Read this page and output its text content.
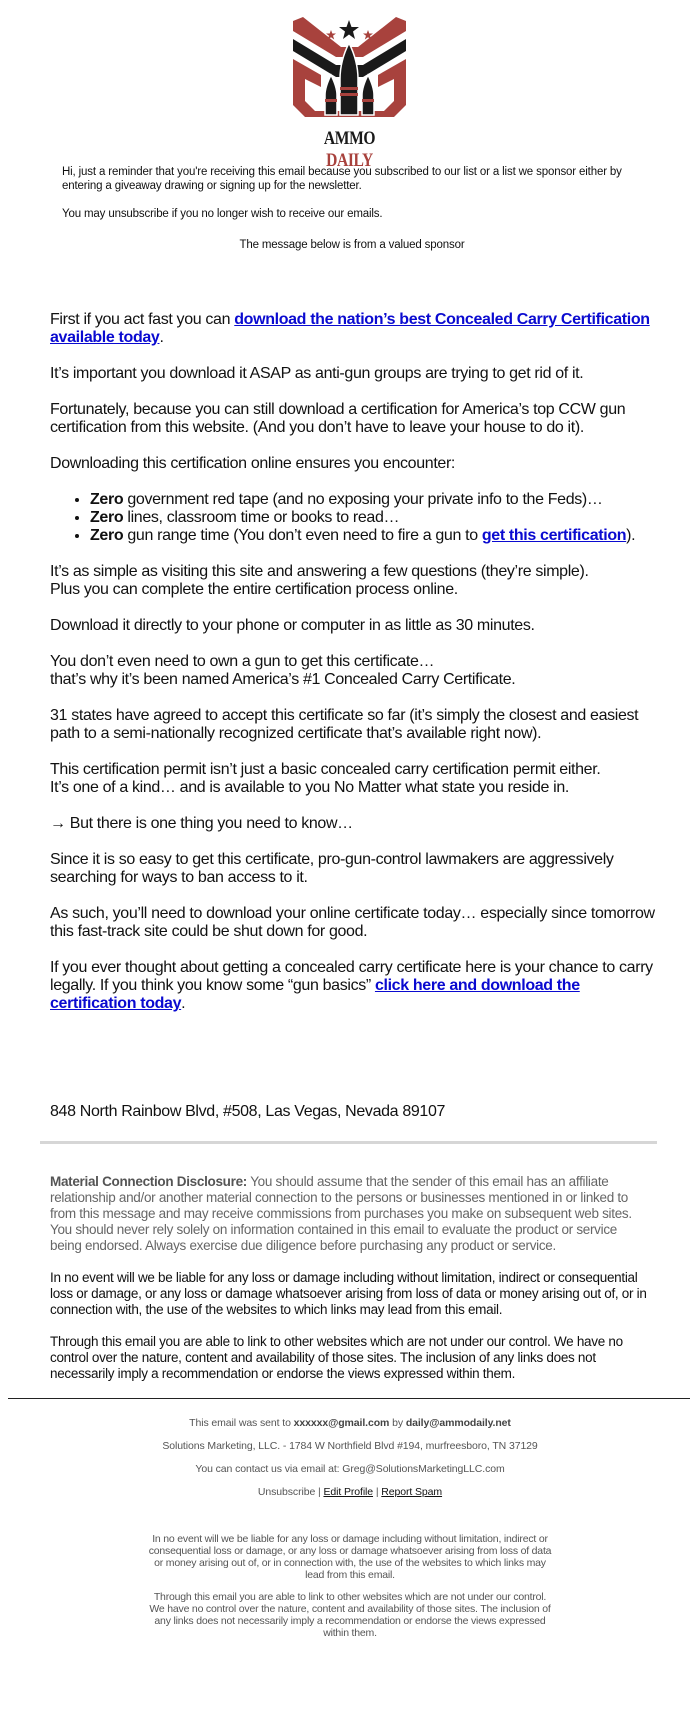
AMMO DAILY

Hi, just a reminder that you're receiving this email because you subscribed to our list or a list we sponsor either by entering a giveaway drawing or signing up for the newsletter.

You may unsubscribe if you no longer wish to receive our emails.

The message below is from a valued sponsor

First if you act fast you can download the nation’s best Concealed Carry Certification available today.

It’s important you download it ASAP as anti-gun groups are trying to get rid of it.

Fortunately, because you can still download a certification for America’s top CCW gun certification from this website. (And you don’t have to leave your house to do it).

Downloading this certification online ensures you encounter:

• Zero government red tape (and no exposing your private info to the Feds)…
• Zero lines, classroom time or books to read…
• Zero gun range time (You don’t even need to fire a gun to get this certification).

It’s as simple as visiting this site and answering a few questions (they’re simple).
Plus you can complete the entire certification process online.

Download it directly to your phone or computer in as little as 30 minutes.

You don’t even need to own a gun to get this certificate…
that’s why it’s been named America’s #1 Concealed Carry Certificate.

31 states have agreed to accept this certificate so far (it’s simply the closest and easiest path to a semi-nationally recognized certificate that’s available right now).

This certification permit isn’t just a basic concealed carry certification permit either.
It’s one of a kind… and is available to you No Matter what state you reside in.

→ But there is one thing you need to know…

Since it is so easy to get this certificate, pro-gun-control lawmakers are aggressively searching for ways to ban access to it.

As such, you’ll need to download your online certificate today… especially since tomorrow this fast-track site could be shut down for good.

If you ever thought about getting a concealed carry certificate here is your chance to carry legally. If you think you know some “gun basics” click here and download the certification today.

848 North Rainbow Blvd, #508, Las Vegas, Nevada 89107

Material Connection Disclosure: You should assume that the sender of this email has an affiliate relationship and/or another material connection to the persons or businesses mentioned in or linked to from this message and may receive commissions from purchases you make on subsequent web sites. You should never rely solely on information contained in this email to evaluate the product or service being endorsed. Always exercise due diligence before purchasing any product or service.

In no event will we be liable for any loss or damage including without limitation, indirect or consequential loss or damage, or any loss or damage whatsoever arising from loss of data or money arising out of, or in connection with, the use of the websites to which links may lead from this email.

Through this email you are able to link to other websites which are not under our control. We have no control over the nature, content and availability of those sites. The inclusion of any links does not necessarily imply a recommendation or endorse the views expressed within them.

This email was sent to xxxxxx@gmail.com by daily@ammodaily.net

Solutions Marketing, LLC. - 1784 W Northfield Blvd #194, murfreesboro, TN 37129

You can contact us via email at: Greg@SolutionsMarketingLLC.com

Unsubscribe | Edit Profile | Report Spam

In no event will we be liable for any loss or damage including without limitation, indirect or consequential loss or damage, or any loss or damage whatsoever arising from loss of data or money arising out of, or in connection with, the use of the websites to which links may lead from this email.

Through this email you are able to link to other websites which are not under our control. We have no control over the nature, content and availability of those sites. The inclusion of any links does not necessarily imply a recommendation or endorse the views expressed within them.
